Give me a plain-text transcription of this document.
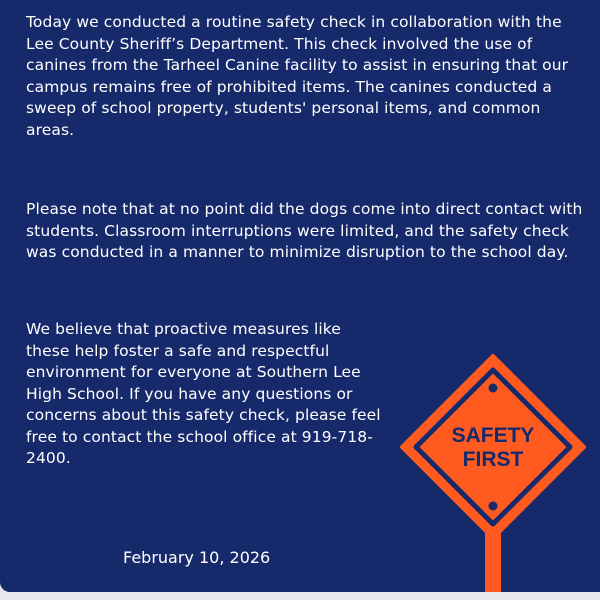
Today we conducted a routine safety check in collaboration with the Lee County Sheriff’s Department. This check involved the use of canines from the Tarheel Canine facility to assist in ensuring that our campus remains free of prohibited items. The canines conducted a sweep of school property, students' personal items, and common areas.

Please note that at no point did the dogs come into direct contact with students. Classroom interruptions were limited, and the safety check was conducted in a manner to minimize disruption to the school day.

We believe that proactive measures like these help foster a safe and respectful environment for everyone at Southern Lee High School. If you have any questions or concerns about this safety check, please feel free to contact the school office at 919-718-2400.

February 10, 2026

SAFETY
FIRST
